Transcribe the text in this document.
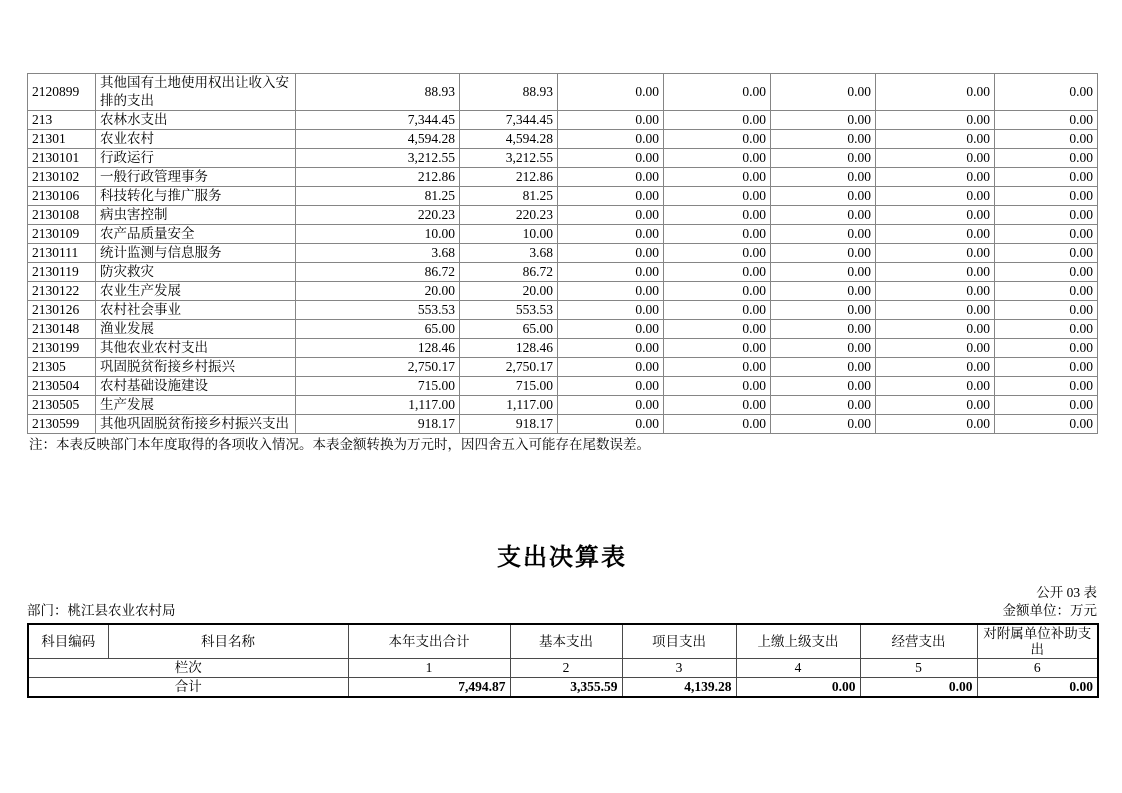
2120899	其他国有土地使用权出让收入安排的支出	88.93	88.93	0.00	0.00	0.00	0.00	0.00
213	农林水支出	7,344.45	7,344.45	0.00	0.00	0.00	0.00	0.00
21301	农业农村	4,594.28	4,594.28	0.00	0.00	0.00	0.00	0.00
2130101	行政运行	3,212.55	3,212.55	0.00	0.00	0.00	0.00	0.00
2130102	一般行政管理事务	212.86	212.86	0.00	0.00	0.00	0.00	0.00
2130106	科技转化与推广服务	81.25	81.25	0.00	0.00	0.00	0.00	0.00
2130108	病虫害控制	220.23	220.23	0.00	0.00	0.00	0.00	0.00
2130109	农产品质量安全	10.00	10.00	0.00	0.00	0.00	0.00	0.00
2130111	统计监测与信息服务	3.68	3.68	0.00	0.00	0.00	0.00	0.00
2130119	防灾救灾	86.72	86.72	0.00	0.00	0.00	0.00	0.00
2130122	农业生产发展	20.00	20.00	0.00	0.00	0.00	0.00	0.00
2130126	农村社会事业	553.53	553.53	0.00	0.00	0.00	0.00	0.00
2130148	渔业发展	65.00	65.00	0.00	0.00	0.00	0.00	0.00
2130199	其他农业农村支出	128.46	128.46	0.00	0.00	0.00	0.00	0.00
21305	巩固脱贫衔接乡村振兴	2,750.17	2,750.17	0.00	0.00	0.00	0.00	0.00
2130504	农村基础设施建设	715.00	715.00	0.00	0.00	0.00	0.00	0.00
2130505	生产发展	1,117.00	1,117.00	0.00	0.00	0.00	0.00	0.00
2130599	其他巩固脱贫衔接乡村振兴支出	918.17	918.17	0.00	0.00	0.00	0.00	0.00
注：本表反映部门本年度取得的各项收入情况。本表金额转换为万元时，因四舍五入可能存在尾数误差。
支出决算表
公开 03 表
部门：桃江县农业农村局	金额单位：万元
科目编码	科目名称	本年支出合计	基本支出	项目支出	上缴上级支出	经营支出	对附属单位补助支出
栏次		1	2	3	4	5	6
合计		7,494.87	3,355.59	4,139.28	0.00	0.00	0.00
